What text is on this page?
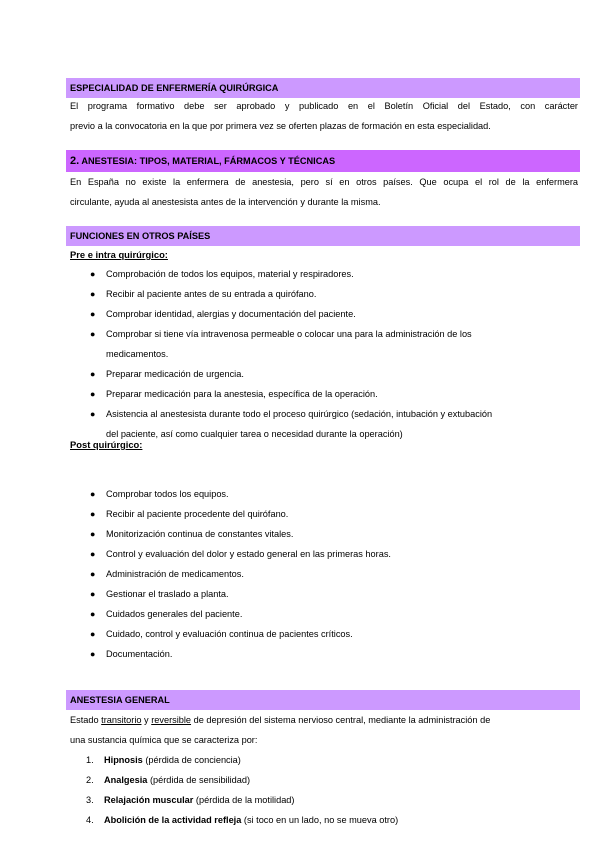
ESPECIALIDAD DE ENFERMERÍA QUIRÚRGICA
El programa formativo debe ser aprobado y publicado en el Boletín Oficial del Estado, con carácter
previo a la convocatoria en la que por primera vez se oferten plazas de formación en esta especialidad.
2. ANESTESIA: TIPOS, MATERIAL, FÁRMACOS Y TÉCNICAS
En España no existe la enfermera de anestesia, pero sí en otros países. Que ocupa el rol de la enfermera
circulante, ayuda al anestesista antes de la intervención y durante la misma.
FUNCIONES EN OTROS PAÍSES
Pre e intra quirúrgico:
● Comprobación de todos los equipos, material y respiradores.
● Recibir al paciente antes de su entrada a quirófano.
● Comprobar identidad, alergias y documentación del paciente.
● Comprobar si tiene vía intravenosa permeable o colocar una para la administración de los
medicamentos.
● Preparar medicación de urgencia.
● Preparar medicación para la anestesia, específica de la operación.
● Asistencia al anestesista durante todo el proceso quirúrgico (sedación, intubación y extubación
del paciente, así como cualquier tarea o necesidad durante la operación)
Post quirúrgico:
● Comprobar todos los equipos.
● Recibir al paciente procedente del quirófano.
● Monitorización continua de constantes vitales.
● Control y evaluación del dolor y estado general en las primeras horas.
● Administración de medicamentos.
● Gestionar el traslado a planta.
● Cuidados generales del paciente.
● Cuidado, control y evaluación continua de pacientes críticos.
● Documentación.
ANESTESIA GENERAL
Estado transitorio y reversible de depresión del sistema nervioso central, mediante la administración de
una sustancia química que se caracteriza por:
1. Hipnosis (pérdida de conciencia)
2. Analgesia (pérdida de sensibilidad)
3. Relajación muscular (pérdida de la motilidad)
4. Abolición de la actividad refleja (si toco en un lado, no se mueva otro)
